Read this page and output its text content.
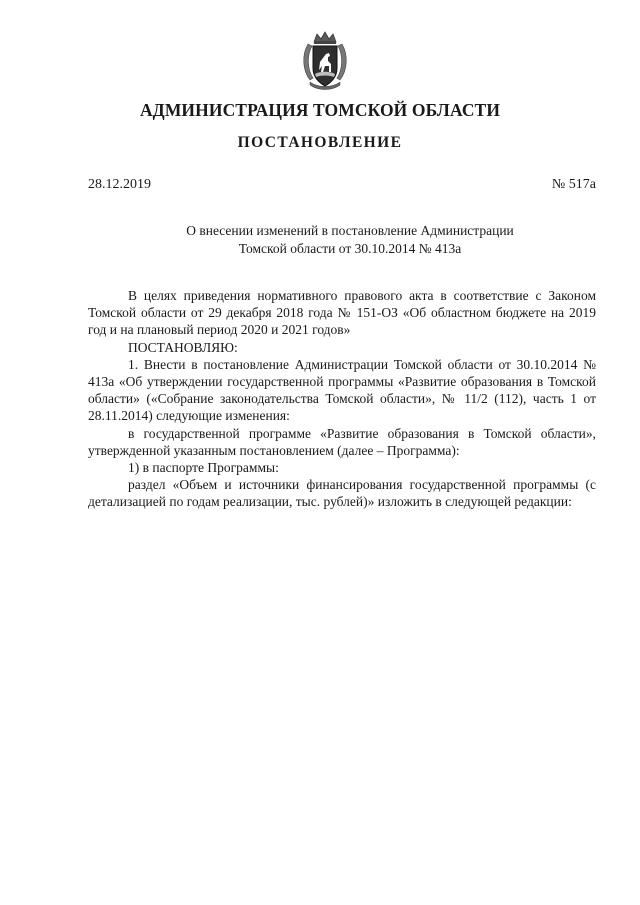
АДМИНИСТРАЦИЯ ТОМСКОЙ ОБЛАСТИ
ПОСТАНОВЛЕНИЕ
28.12.2019	№ 517а
О внесении изменений в постановление Администрации
Томской области от 30.10.2014 № 413а

В целях приведения нормативного правового акта в соответствие с Законом Томской области от 29 декабря 2018 года № 151-ОЗ «Об областном бюджете на 2019 год и на плановый период 2020 и 2021 годов»

ПОСТАНОВЛЯЮ:

1. Внести в постановление Администрации Томской области от 30.10.2014 № 413а «Об утверждении государственной программы «Развитие образования в Томской области» («Собрание законодательства Томской области», № 11/2 (112), часть 1 от 28.11.2014) следующие изменения:

в государственной программе «Развитие образования в Томской области», утвержденной указанным постановлением (далее – Программа):

1) в паспорте Программы:

раздел «Объем и источники финансирования государственной программы (с детализацией по годам реализации, тыс. рублей)» изложить в следующей редакции:
